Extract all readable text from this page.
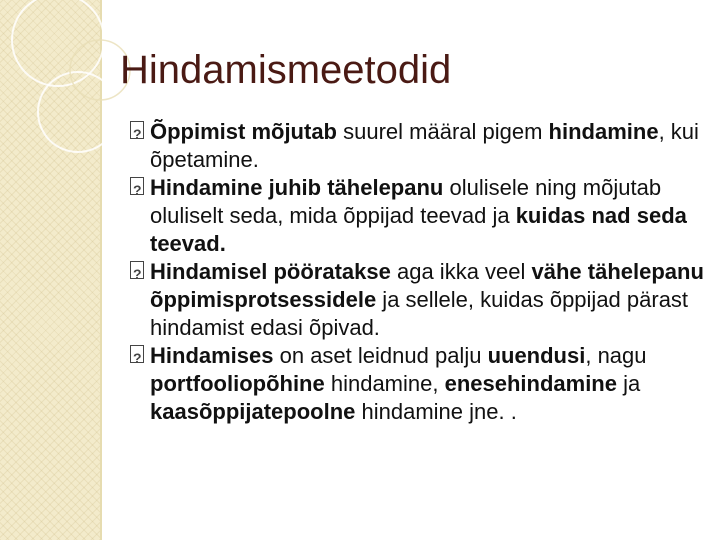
Hindamismeetodid
?
Õppimist mõjutab suurel määral pigem hindamine, kui õpetamine.
?
Hindamine juhib tähelepanu olulisele ning mõjutab oluliselt seda, mida õppijad teevad ja kuidas nad seda teevad.
?
Hindamisel pööratakse aga ikka veel vähe tähelepanu õppimisprotsessidele ja sellele, kuidas õppijad pärast hindamist edasi õpivad.
?
Hindamises on aset leidnud palju uuendusi, nagu portfooliopõhine hindamine, enesehindamine ja kaasõppijatepoolne hindamine jne. .
